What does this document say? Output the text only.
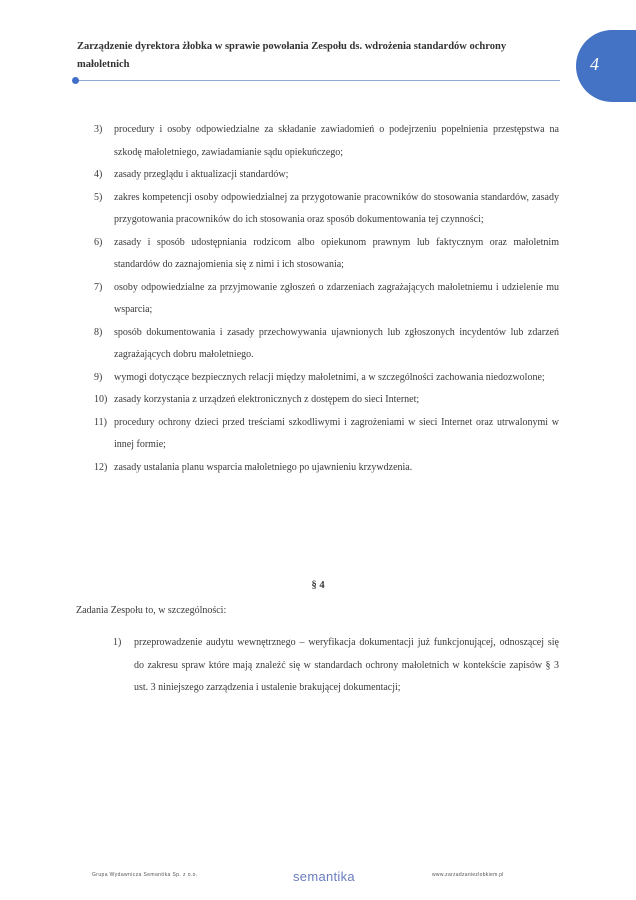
4
Zarządzenie dyrektora żłobka w sprawie powołania Zespołu ds. wdrożenia standardów ochrony małoletnich
3) procedury i osoby odpowiedzialne za składanie zawiadomień o podejrzeniu popełnienia przestępstwa na szkodę małoletniego, zawiadamianie sądu opiekuńczego;
4) zasady przeglądu i aktualizacji standardów;
5) zakres kompetencji osoby odpowiedzialnej za przygotowanie pracowników do stosowania standardów, zasady przygotowania pracowników do ich stosowania oraz sposób dokumentowania tej czynności;
6) zasady i sposób udostępniania rodzicom albo opiekunom prawnym lub faktycznym oraz małoletnim standardów do zaznajomienia się z nimi i ich stosowania;
7) osoby odpowiedzialne za przyjmowanie zgłoszeń o zdarzeniach zagrażających małoletniemu i udzielenie mu wsparcia;
8) sposób dokumentowania i zasady przechowywania ujawnionych lub zgłoszonych incydentów lub zdarzeń zagrażających dobru małoletniego.
9) wymogi dotyczące bezpiecznych relacji między małoletnimi, a w szczególności zachowania niedozwolone;
10) zasady korzystania z urządzeń elektronicznych z dostępem do sieci Internet;
11) procedury ochrony dzieci przed treściami szkodliwymi i zagrożeniami w sieci Internet oraz utrwalonymi w innej formie;
12) zasady ustalania planu wsparcia małoletniego po ujawnieniu krzywdzenia.
§ 4
Zadania Zespołu to, w szczególności:
1) przeprowadzenie audytu wewnętrznego – weryfikacja dokumentacji już funkcjonującej, odnoszącej się do zakresu spraw które mają znaleźć się w standardach ochrony małoletnich w kontekście zapisów § 3 ust. 3 niniejszego zarządzenia i ustalenie brakującej dokumentacji;
Grupa Wydawnicza Semantika Sp. z o.o.	semantika	www.zarzadzaniezlobkiem.pl
